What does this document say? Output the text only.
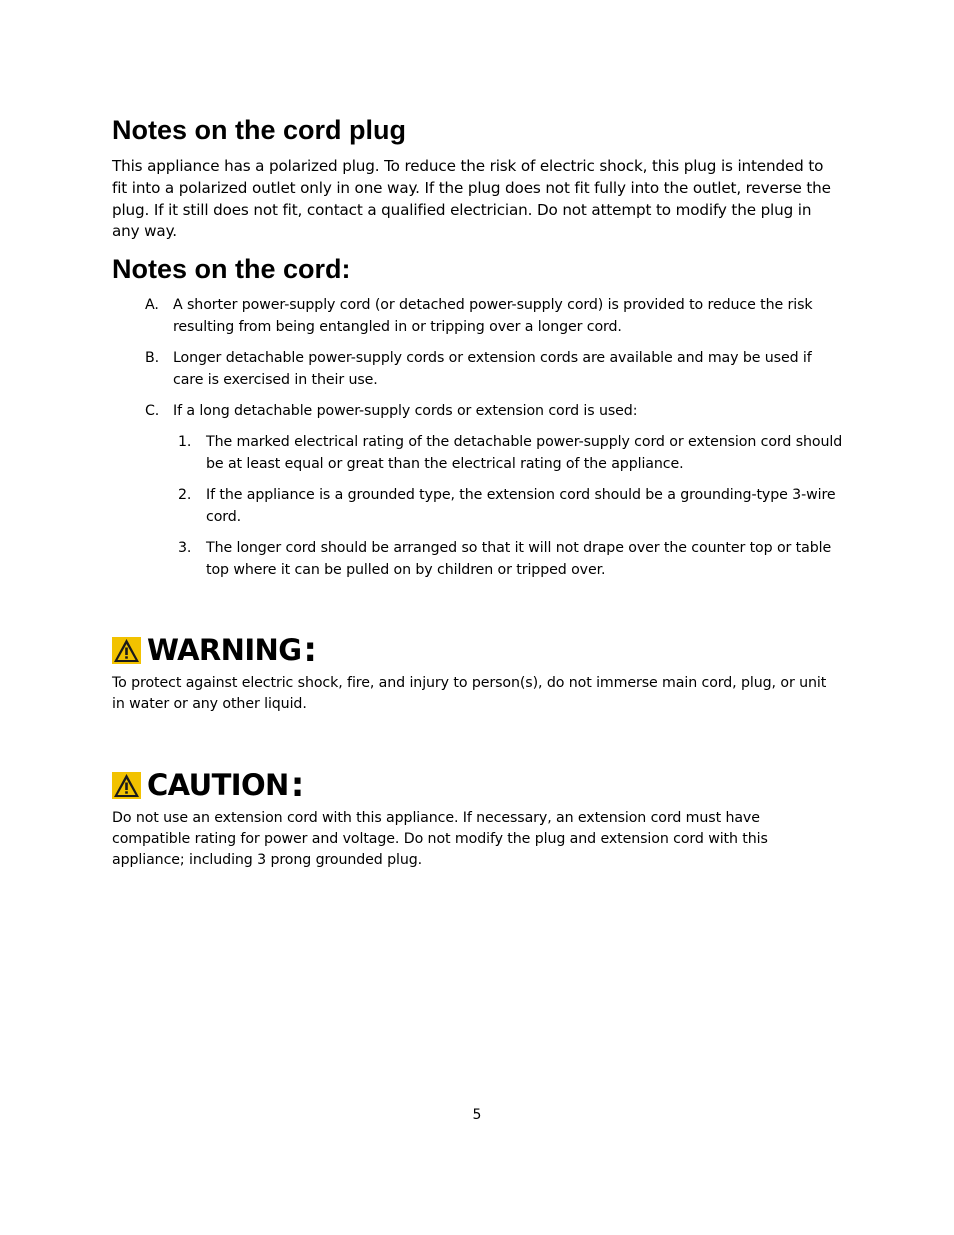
Notes on the cord plug

This appliance has a polarized plug. To reduce the risk of electric shock, this plug is intended to fit into a polarized outlet only in one way. If the plug does not fit fully into the outlet, reverse the plug. If it still does not fit, contact a qualified electrician. Do not attempt to modify the plug in any way.

Notes on the cord:
A. A shorter power-supply cord (or detached power-supply cord) is provided to reduce the risk resulting from being entangled in or tripping over a longer cord.
B. Longer detachable power-supply cords or extension cords are available and may be used if care is exercised in their use.
C. If a long detachable power-supply cords or extension cord is used:
1. The marked electrical rating of the detachable power-supply cord or extension cord should be at least equal or great than the electrical rating of the appliance.
2. If the appliance is a grounded type, the extension cord should be a grounding-type 3-wire cord.
3. The longer cord should be arranged so that it will not drape over the counter top or table top where it can be pulled on by children or tripped over.
WARNING :

To protect against electric shock, fire, and injury to person(s), do not immerse main cord, plug, or unit in water or any other liquid.

CAUTION :

Do not use an extension cord with this appliance. If necessary, an extension cord must have compatible rating for power and voltage. Do not modify the plug and extension cord with this appliance; including 3 prong grounded plug.

5
